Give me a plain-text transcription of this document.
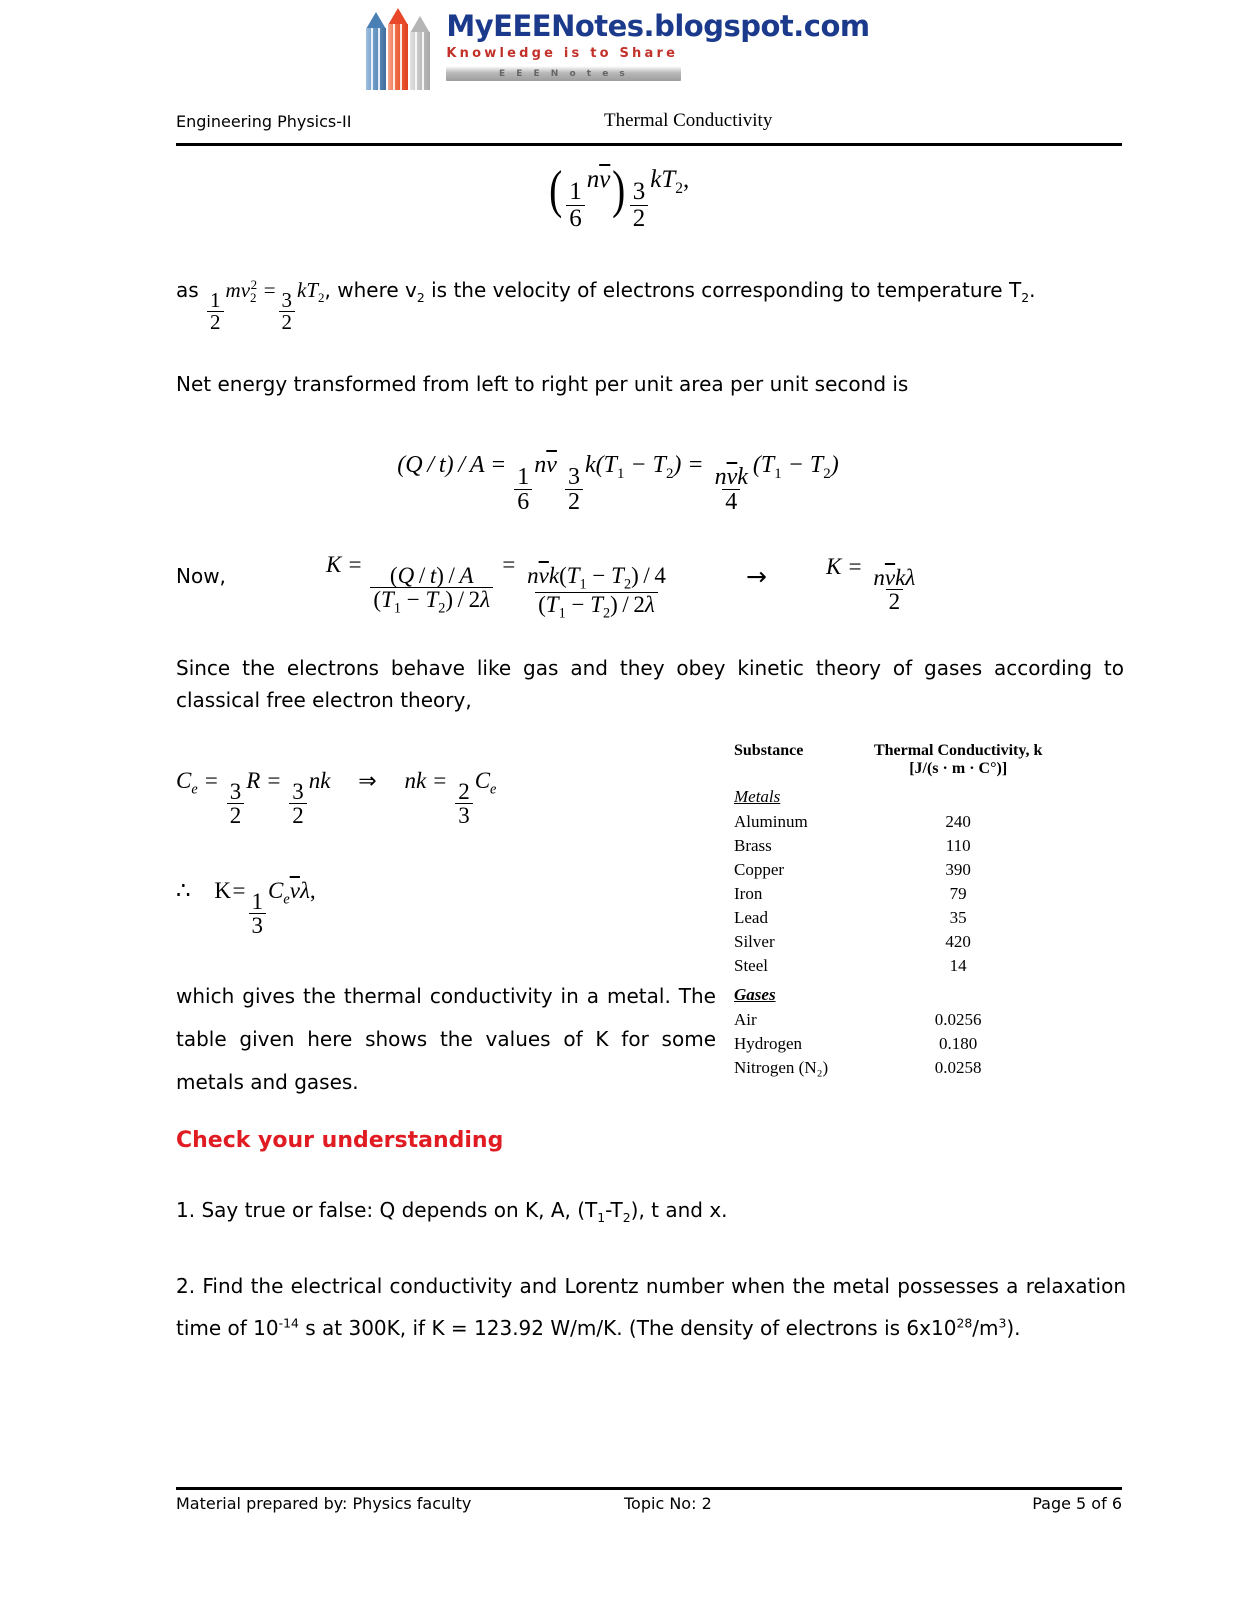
MyEEENotes.blogspot.com
Knowledge is to Share
E E E N o t e s
Engineering Physics-II	Thermal Conductivity
( $\frac{1}{6} n\overline{v}) \frac{3}{2} kT_2$,
as
$\frac{1}{2}$
$mv_2^2$ =
$\frac{3}{2}$
$kT_2$, where $v_2$ is the velocity of electrons corresponding to temperature $T_2$.
Net energy transformed from left to right per unit area per unit second is
$(Q / t) / A = \frac{1}{6} n\overline{v} \frac{3}{2} k(T_1 - T_2) = \frac{n\overline{v}k}{4} (T_1 - T_2)$
Now,	$K = \frac{(Q / t) / A}{(T_1 - T_2) / 2\lambda} = \frac{n\overline{v}k(T_1 - T_2) / 4}{(T_1 - T_2) / 2\lambda}$	→	$K = \frac{n\overline{v}k\lambda}{2}$
Since the electrons behave like gas and they obey kinetic theory of gases according to classical free electron theory,
$C_e = \frac{3}{2}$ $R = \frac{3}{2}$ nk ⇒ nk = $\frac{2}{3} C_e$
∴ $K= \frac{1}{3} C_e\overline{v}\lambda$,
which gives the thermal conductivity in a metal. The table given here shows the values of K for some metals and gases.
Substance	Thermal Conductivity, k
[J/(s · m · C°)]

Metals	
Aluminum	240
Brass	110
Copper	390
Iron	79
Lead	35
Silver	420
Steel	14
Gases	
Air	0.0256
Hydrogen	0.180
Nitrogen (N₂)	0.0258
Check your understanding
1. Say true or false: Q depends on K, A, $(T_1-T_2)$, t and x.
2. Find the electrical conductivity and Lorentz number when the metal possesses a relaxation time of $10^{-14}$ s at 300K, if K = 123.92 W/m/K. (The density of electrons is $6x10^{28}/m^3$).
Material prepared by: Physics faculty	Topic No: 2	Page 5 of 6
